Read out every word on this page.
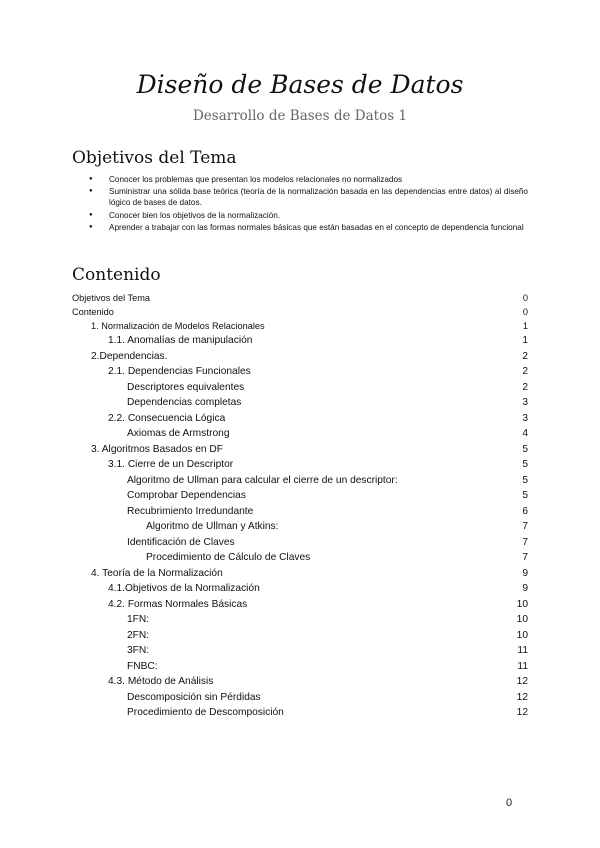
Diseño de Bases de Datos
Desarrollo de Bases de Datos 1
Objetivos del Tema
● Conocer los problemas que presentan los modelos relacionales no normalizados
● Suministrar una sólida base teórica (teoría de la normalización basada en las dependencias entre datos) al diseño lógico de bases de datos.
● Conocer bien los objetivos de la normalización.
● Aprender a trabajar con las formas normales básicas que están basadas en el concepto de dependencia funcional
Contenido
Objetivos del Tema	0
Contenido	0
1. Normalización de Modelos Relacionales	1
1.1. Anomalías de manipulación	1
2.Dependencias.	2
2.1. Dependencias Funcionales	2
Descriptores equivalentes	2
Dependencias completas	3
2.2. Consecuencia Lógica	3
Axiomas de Armstrong	4
3. Algoritmos Basados en DF	5
3.1. Cierre de un Descriptor	5
Algoritmo de Ullman para calcular el cierre de un descriptor:	5
Comprobar Dependencias	5
Recubrimiento Irredundante	6
Algoritmo de Ullman y Atkins:	7
Identificación de Claves	7
Procedimiento de Cálculo de Claves	7
4. Teoría de la Normalización	9
4.1.Objetivos de la Normalización	9
4.2. Formas Normales Básicas	10
1FN:	10
2FN:	10
3FN:	11
FNBC:	11
4.3. Método de Análisis	12
Descomposición sin Pérdidas	12
Procedimiento de Descomposición	12
0
